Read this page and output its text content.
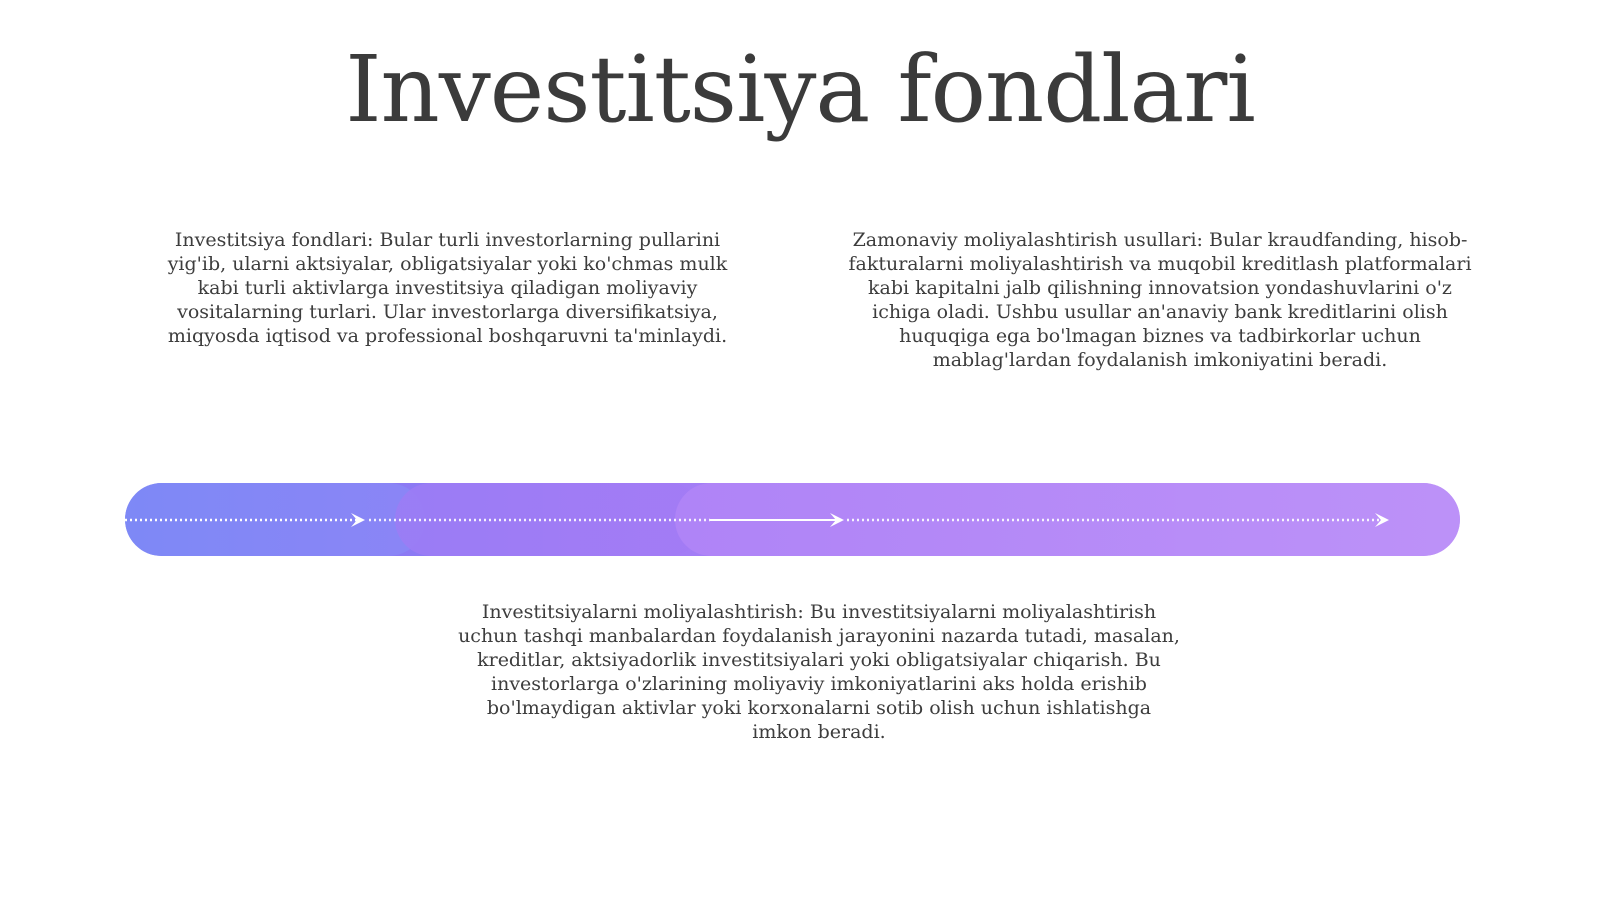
Investitsiya fondlari
Investitsiya fondlari: Bular turli investorlarning pullarini yig'ib, ularni aktsiyalar, obligatsiyalar yoki ko'chmas mulk kabi turli aktivlarga investitsiya qiladigan moliyaviy vositalarning turlari. Ular investorlarga diversifikatsiya, miqyosda iqtisod va professional boshqaruvni ta'minlaydi.
Zamonaviy moliyalashtirish usullari: Bular kraudfanding, hisob-fakturalarni moliyalashtirish va muqobil kreditlash platformalari kabi kapitalni jalb qilishning innovatsion yondashuvlarini o'z ichiga oladi. Ushbu usullar an'anaviy bank kreditlarini olish huquqiga ega bo'lmagan biznes va tadbirkorlar uchun mablag'lardan foydalanish imkoniyatini beradi.
Investitsiyalarni moliyalashtirish: Bu investitsiyalarni moliyalashtirish uchun tashqi manbalardan foydalanish jarayonini nazarda tutadi, masalan, kreditlar, aktsiyadorlik investitsiyalari yoki obligatsiyalar chiqarish. Bu investorlarga o'zlarining moliyaviy imkoniyatlarini aks holda erishib bo'lmaydigan aktivlar yoki korxonalarni sotib olish uchun ishlatishga imkon beradi.
